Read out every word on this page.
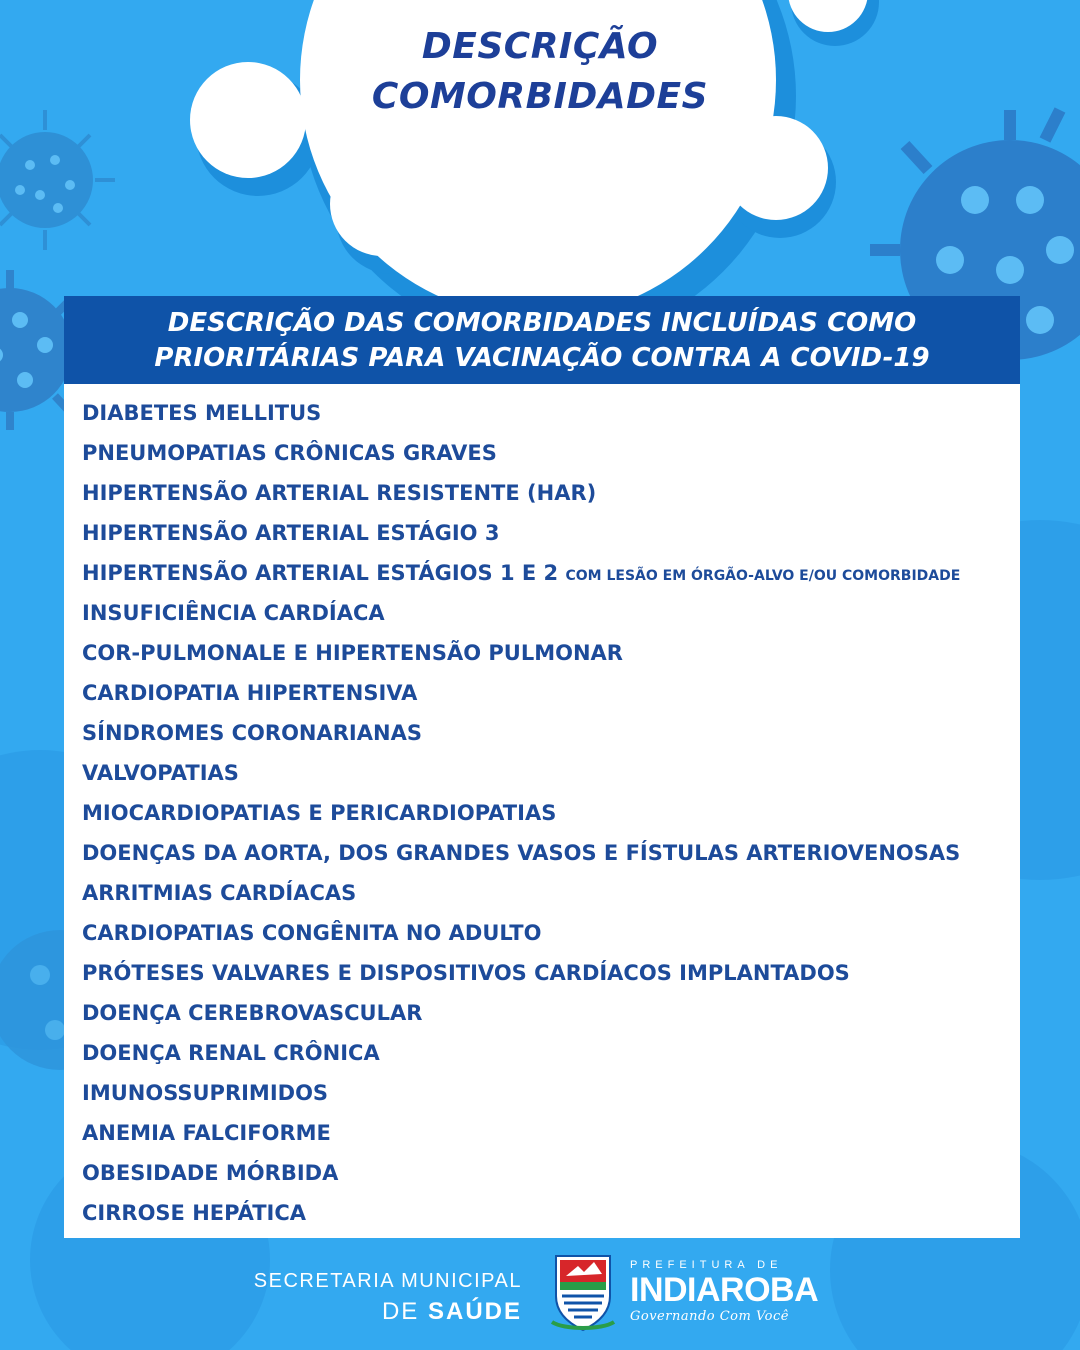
DESCRIÇÃO
COMORBIDADES
DESCRIÇÃO DAS COMORBIDADES INCLUÍDAS COMO
PRIORITÁRIAS PARA VACINAÇÃO CONTRA A COVID-19
DIABETES MELLITUS
PNEUMOPATIAS CRÔNICAS GRAVES
HIPERTENSÃO ARTERIAL RESISTENTE (HAR)
HIPERTENSÃO ARTERIAL ESTÁGIO 3
HIPERTENSÃO ARTERIAL ESTÁGIOS 1 E 2 COM LESÃO EM ÓRGÃO-ALVO E/OU COMORBIDADE
INSUFICIÊNCIA CARDÍACA
COR-PULMONALE E HIPERTENSÃO PULMONAR
CARDIOPATIA HIPERTENSIVA
SÍNDROMES CORONARIANAS
VALVOPATIAS
MIOCARDIOPATIAS E PERICARDIOPATIAS
DOENÇAS DA AORTA, DOS GRANDES VASOS E FÍSTULAS ARTERIOVENOSAS
ARRITMIAS CARDÍACAS
CARDIOPATIAS CONGÊNITA NO ADULTO
PRÓTESES VALVARES E DISPOSITIVOS CARDÍACOS IMPLANTADOS
DOENÇA CEREBROVASCULAR
DOENÇA RENAL CRÔNICA
IMUNOSSUPRIMIDOS
ANEMIA FALCIFORME
OBESIDADE MÓRBIDA
CIRROSE HEPÁTICA
SECRETARIA MUNICIPAL
DE SAÚDE
PREFEITURA DE
INDIAROBA
Governando Com Você
